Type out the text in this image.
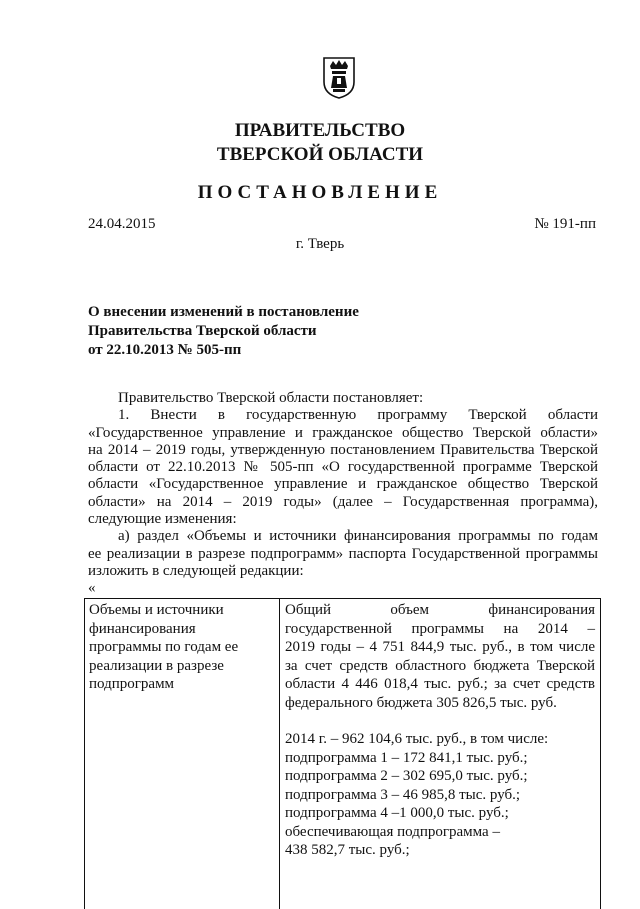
ПРАВИТЕЛЬСТВО
ТВЕРСКОЙ ОБЛАСТИ
ПОСТАНОВЛЕНИЕ
24.04.2015	№ 191-пп
г. Тверь
О внесении изменений в постановление
Правительства Тверской области
от 22.10.2013 № 505-пп
Правительство Тверской области постановляет:
1. Внести в государственную программу Тверской области
«Государственное управление и гражданское общество Тверской области»
на 2014 – 2019 годы, утвержденную постановлением Правительства Тверской
области от 22.10.2013 № 505-пп «О государственной программе Тверской
области «Государственное управление и гражданское общество Тверской
области» на 2014 – 2019 годы» (далее – Государственная программа),
следующие изменения:
а) раздел «Объемы и источники финансирования программы по годам
ее реализации в разрезе подпрограмм» паспорта Государственной программы
изложить в следующей редакции:
«
Объемы и источники
финансирования
программы по годам ее
реализации в разрезе
подпрограмм
Общий объем финансирования
государственной программы на 2014 –
2019 годы – 4 751 844,9 тыс. руб., в том числе
за счет средств областного бюджета Тверской
области 4 446 018,4 тыс. руб.; за счет средств
федерального бюджета 305 826,5 тыс. руб.
2014 г. – 962 104,6 тыс. руб., в том числе:
подпрограмма 1 – 172 841,1 тыс. руб.;
подпрограмма 2 – 302 695,0 тыс. руб.;
подпрограмма 3 – 46 985,8 тыс. руб.;
подпрограмма 4 –1 000,0 тыс. руб.;
обеспечивающая подпрограмма –
438 582,7 тыс. руб.;
